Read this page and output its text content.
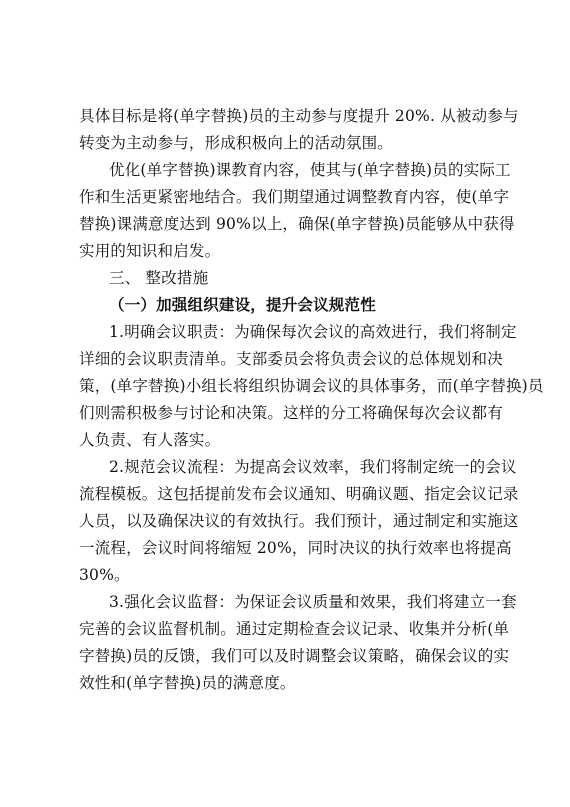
具体目标是将(单字替换)员的主动参与度提升 20%. 从被动参与
转变为主动参与，形成积极向上的活动氛围。
优化(单字替换)课教育内容，使其与(单字替换)员的实际工
作和生活更紧密地结合。我们期望通过调整教育内容，使(单字
替换)课满意度达到 90%以上，确保(单字替换)员能够从中获得
实用的知识和启发。
三、 整改措施
（一）加强组织建设，提升会议规范性
1.明确会议职责：为确保每次会议的高效进行，我们将制定
详细的会议职责清单。支部委员会将负责会议的总体规划和决
策，(单字替换)小组长将组织协调会议的具体事务，而(单字替换)员
们则需积极参与讨论和决策。这样的分工将确保每次会议都有
人负责、有人落实。
2.规范会议流程：为提高会议效率，我们将制定统一的会议
流程模板。这包括提前发布会议通知、明确议题、指定会议记录
人员，以及确保决议的有效执行。我们预计，通过制定和实施这
一流程，会议时间将缩短 20%，同时决议的执行效率也将提高
30%。
3.强化会议监督：为保证会议质量和效果，我们将建立一套
完善的会议监督机制。通过定期检查会议记录、收集并分析(单
字替换)员的反馈，我们可以及时调整会议策略，确保会议的实
效性和(单字替换)员的满意度。
